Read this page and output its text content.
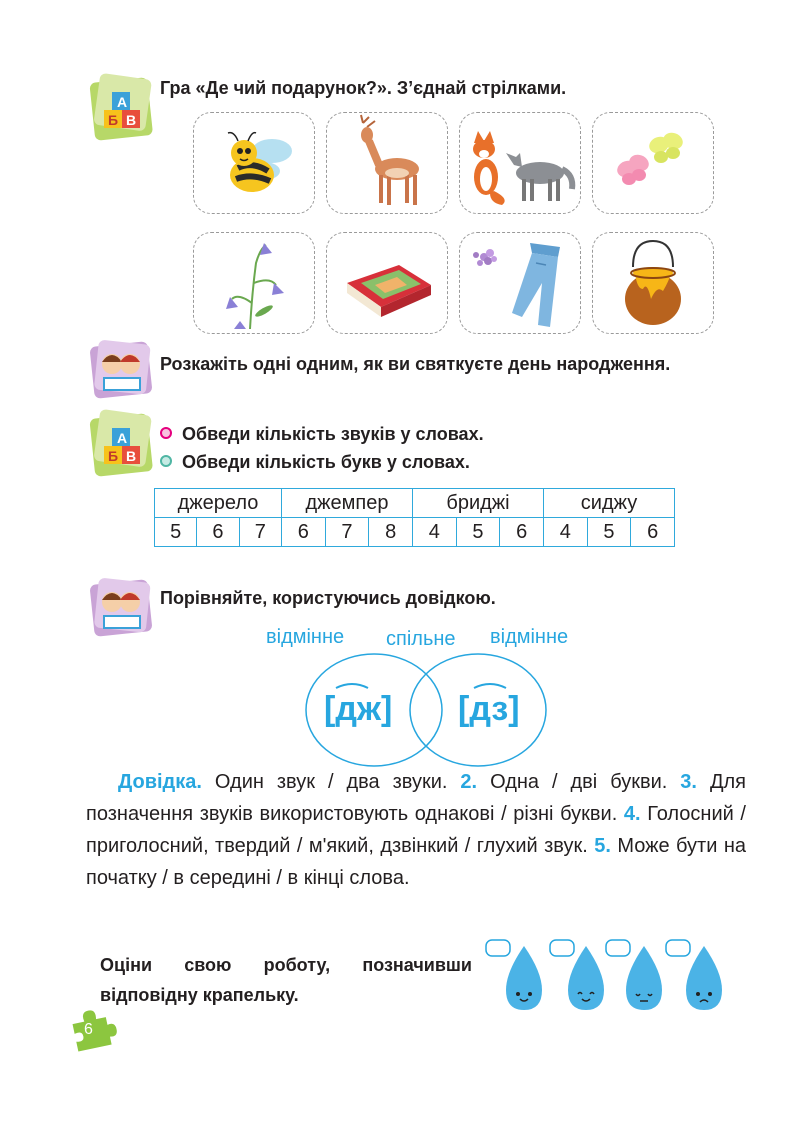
Б В
А
Гра «Де чий подарунок?». З’єднай стрілками.
Розкажіть одні одним, як ви святкуєте день народження.
Б В
А	Обведи кількість звуків у словах.
Обведи кількість букв у словах.
джерело			джемпер			бриджі			сиджу		
5	6	7	6	7	8	4	5	6	4	5	6
Порівняйте, користуючись довідкою.
відмінне спільне відмінне
[дж] [дз]
Довідка. Один звук / два звуки. 2. Одна / дві букви. 3. Для позначення звуків використовують однакові / різні букви. 4. Голосний / приголосний, твердий / м'який, дзвінкий / глухий звук. 5. Може бути на початку / в середині / в кінці слова.
Оціни свою роботу, позначивши відповідну крапельку.
6
